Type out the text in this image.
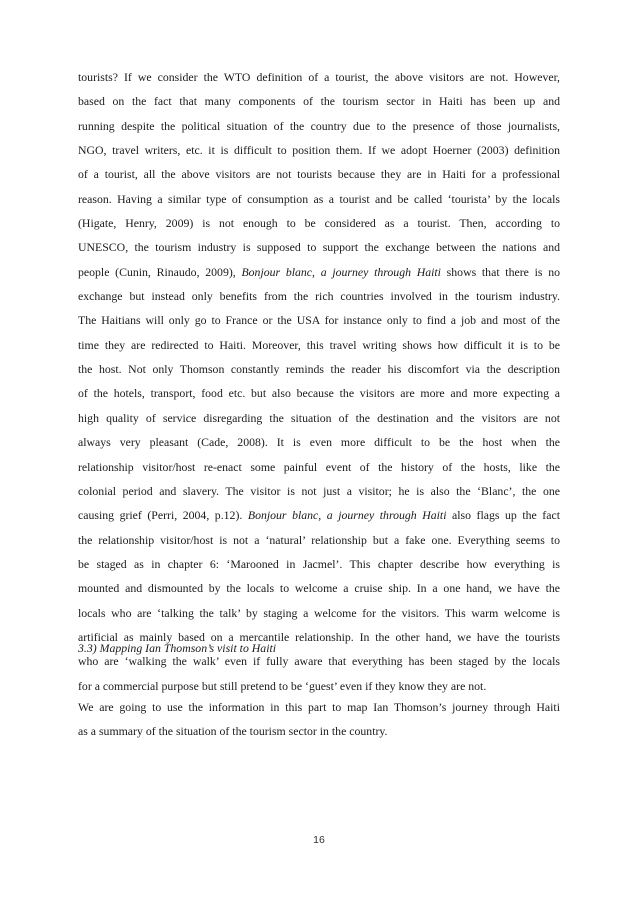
tourists? If we consider the WTO definition of a tourist, the above visitors are not. However,
based on the fact that many components of the tourism sector in Haiti has been up and
running despite the political situation of the country due to the presence of those journalists,
NGO, travel writers, etc. it is difficult to position them. If we adopt Hoerner (2003) definition
of a tourist, all the above visitors are not tourists because they are in Haiti for a professional
reason. Having a similar type of consumption as a tourist and be called ‘tourista’ by the locals
(Higate, Henry, 2009) is not enough to be considered as a tourist. Then, according to
UNESCO, the tourism industry is supposed to support the exchange between the nations and
people (Cunin, Rinaudo, 2009), Bonjour blanc, a journey through Haiti shows that there is no
exchange but instead only benefits from the rich countries involved in the tourism industry.
The Haitians will only go to France or the USA for instance only to find a job and most of the
time they are redirected to Haiti. Moreover, this travel writing shows how difficult it is to be
the host. Not only Thomson constantly reminds the reader his discomfort via the description
of the hotels, transport, food etc. but also because the visitors are more and more expecting a
high quality of service disregarding the situation of the destination and the visitors are not
always very pleasant (Cade, 2008). It is even more difficult to be the host when the
relationship visitor/host re-enact some painful event of the history of the hosts, like the
colonial period and slavery. The visitor is not just a visitor; he is also the ‘Blanc’, the one
causing grief (Perri, 2004, p.12). Bonjour blanc, a journey through Haiti also flags up the fact
the relationship visitor/host is not a ‘natural’ relationship but a fake one. Everything seems to
be staged as in chapter 6: ‘Marooned in Jacmel’. This chapter describe how everything is
mounted and dismounted by the locals to welcome a cruise ship. In a one hand, we have the
locals who are ‘talking the talk’ by staging a welcome for the visitors. This warm welcome is
artificial as mainly based on a mercantile relationship. In the other hand, we have the tourists
who are ‘walking the walk’ even if fully aware that everything has been staged by the locals
for a commercial purpose but still pretend to be ‘guest’ even if they know they are not.

3.3) Mapping Ian Thomson’s visit to Haiti

We are going to use the information in this part to map Ian Thomson’s journey through Haiti
as a summary of the situation of the tourism sector in the country.
16
